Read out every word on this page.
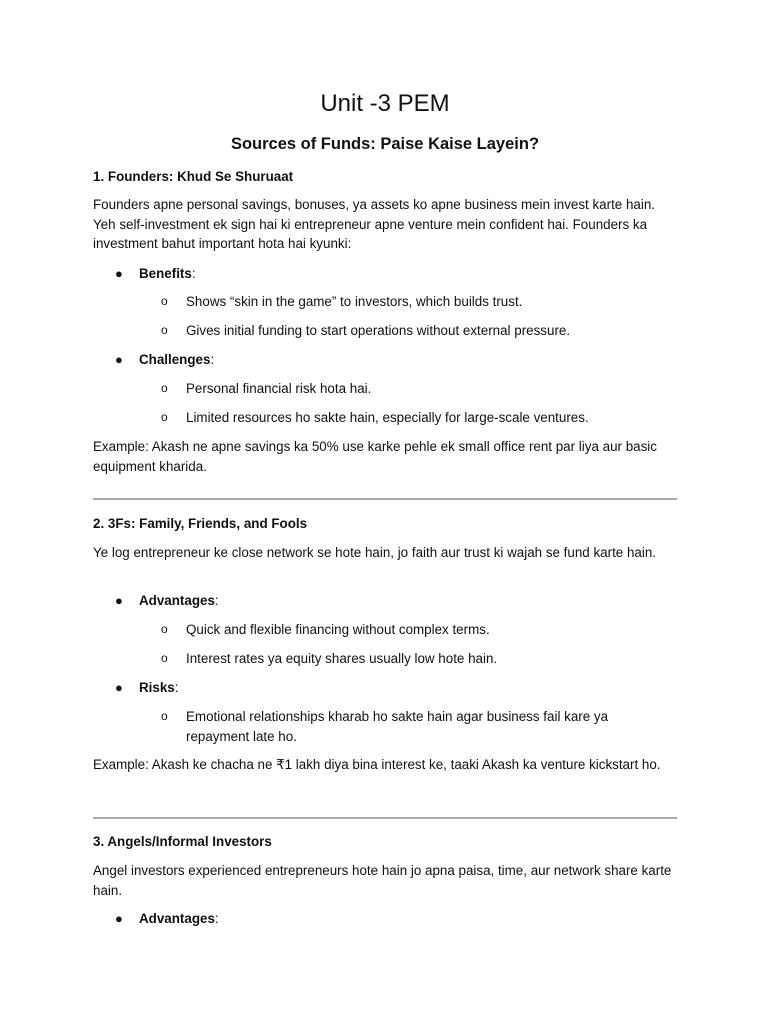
Unit -3 PEM
Sources of Funds: Paise Kaise Layein?
1. Founders: Khud Se Shuruaat
Founders apne personal savings, bonuses, ya assets ko apne business mein invest karte hain. Yeh self-investment ek sign hai ki entrepreneur apne venture mein confident hai. Founders ka investment bahut important hota hai kyunki:
● Benefits:
o Shows “skin in the game” to investors, which builds trust.
o Gives initial funding to start operations without external pressure.
● Challenges:
o Personal financial risk hota hai.
o Limited resources ho sakte hain, especially for large-scale ventures.
Example: Akash ne apne savings ka 50% use karke pehle ek small office rent par liya aur basic equipment kharida.
2. 3Fs: Family, Friends, and Fools
Ye log entrepreneur ke close network se hote hain, jo faith aur trust ki wajah se fund karte hain.
● Advantages:
o Quick and flexible financing without complex terms.
o Interest rates ya equity shares usually low hote hain.
● Risks:
o Emotional relationships kharab ho sakte hain agar business fail kare ya repayment late ho.
Example: Akash ke chacha ne ₹1 lakh diya bina interest ke, taaki Akash ka venture kickstart ho.
3. Angels/Informal Investors
Angel investors experienced entrepreneurs hote hain jo apna paisa, time, aur network share karte hain.
● Advantages:
